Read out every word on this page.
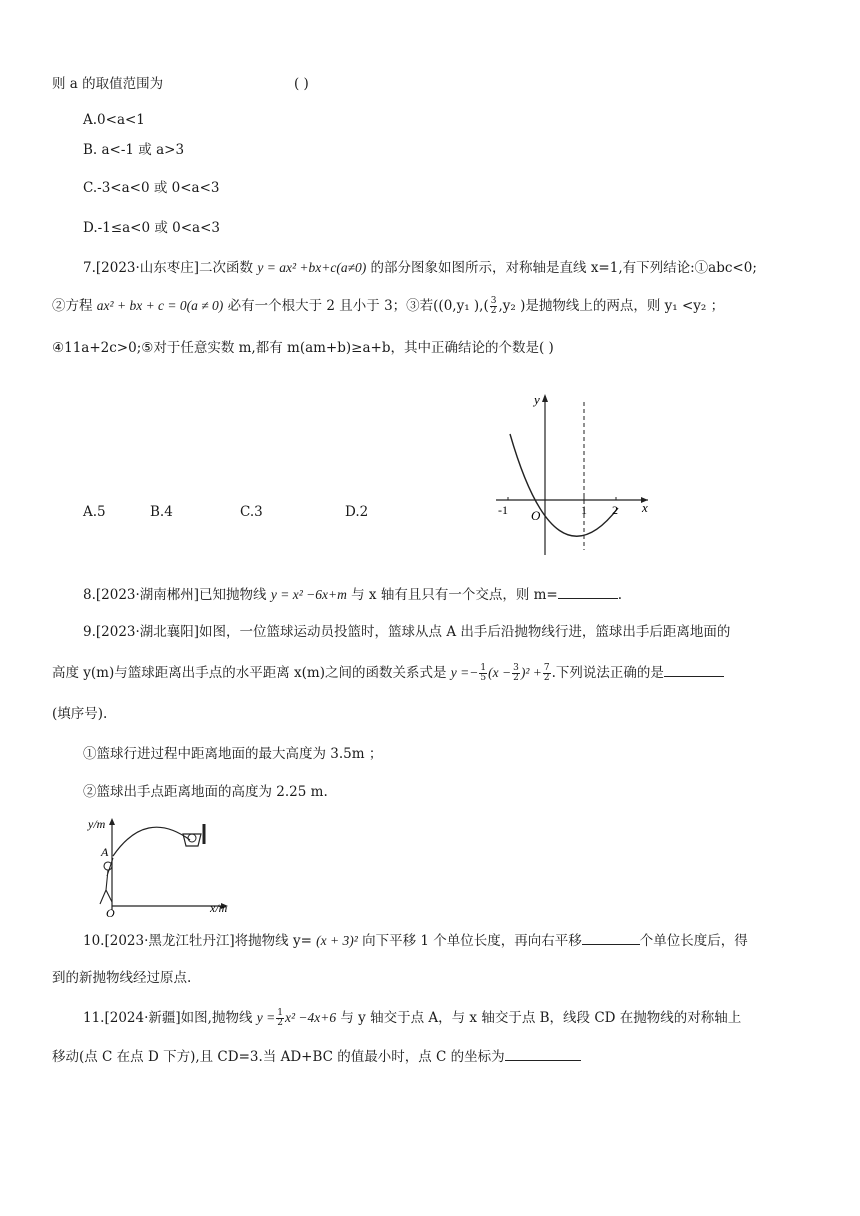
则 a 的取值范围为	( )
A.0<a<1
B. a<-1 或 a>3
C.-3<a<0 或 0<a<3
D.-1≤a<0 或 0<a<3
7.[2023·山东枣庄]二次函数 y = ax² +bx+c(a≠0) 的部分图象如图所示，对称轴是直线 x=1,有下列结论:①abc<0;
②方程 ax² + bx + c = 0(a ≠ 0) 必有一个根大于 2 且小于 3；③若((0,y₁ ),( $\frac{3}{2} ,y_2$ )是抛物线上的两点，则 y₁ <y₂ ；
④11a+2c>0;⑤对于任意实数 m,都有 m(am+b)≥a+b，其中正确结论的个数是( )
A.5	B.4	C.3	D.2
y
x
O
-1	1 2
8.[2023·湖南郴州]已知抛物线 y = x² −6x+m 与 x 轴有且只有一个交点，则 m=	.
9.[2023·湖北襄阳]如图，一位篮球运动员投篮时，篮球从点 A 出手后沿抛物线行进，篮球出手后距离地面的
高度 y(m)与篮球距离出手点的水平距离 x(m)之间的函数关系式是 $y =- \frac{1}{5} (x - \frac{3}{2} )^2 + \frac{7}{2}$ .下列说法正确的是
(填序号).
①篮球行进过程中距离地面的最大高度为 3.5m ；
②篮球出手点距离地面的高度为 2.25 m.
y/m
x/m
A
O
10.[2023·黑龙江牡丹江]将抛物线 y= (x + 3)² 向下平移 1 个单位长度，再向右平移	个单位长度后，得
到的新抛物线经过原点.
11.[2024·新疆]如图,抛物线 $y = \frac{1}{2} x^2 -4x+6$ 与 y 轴交于点 A，与 x 轴交于点 B，线段 CD 在抛物线的对称轴上
移动(点 C 在点 D 下方),且 CD=3.当 AD+BC 的值最小时，点 C 的坐标为
